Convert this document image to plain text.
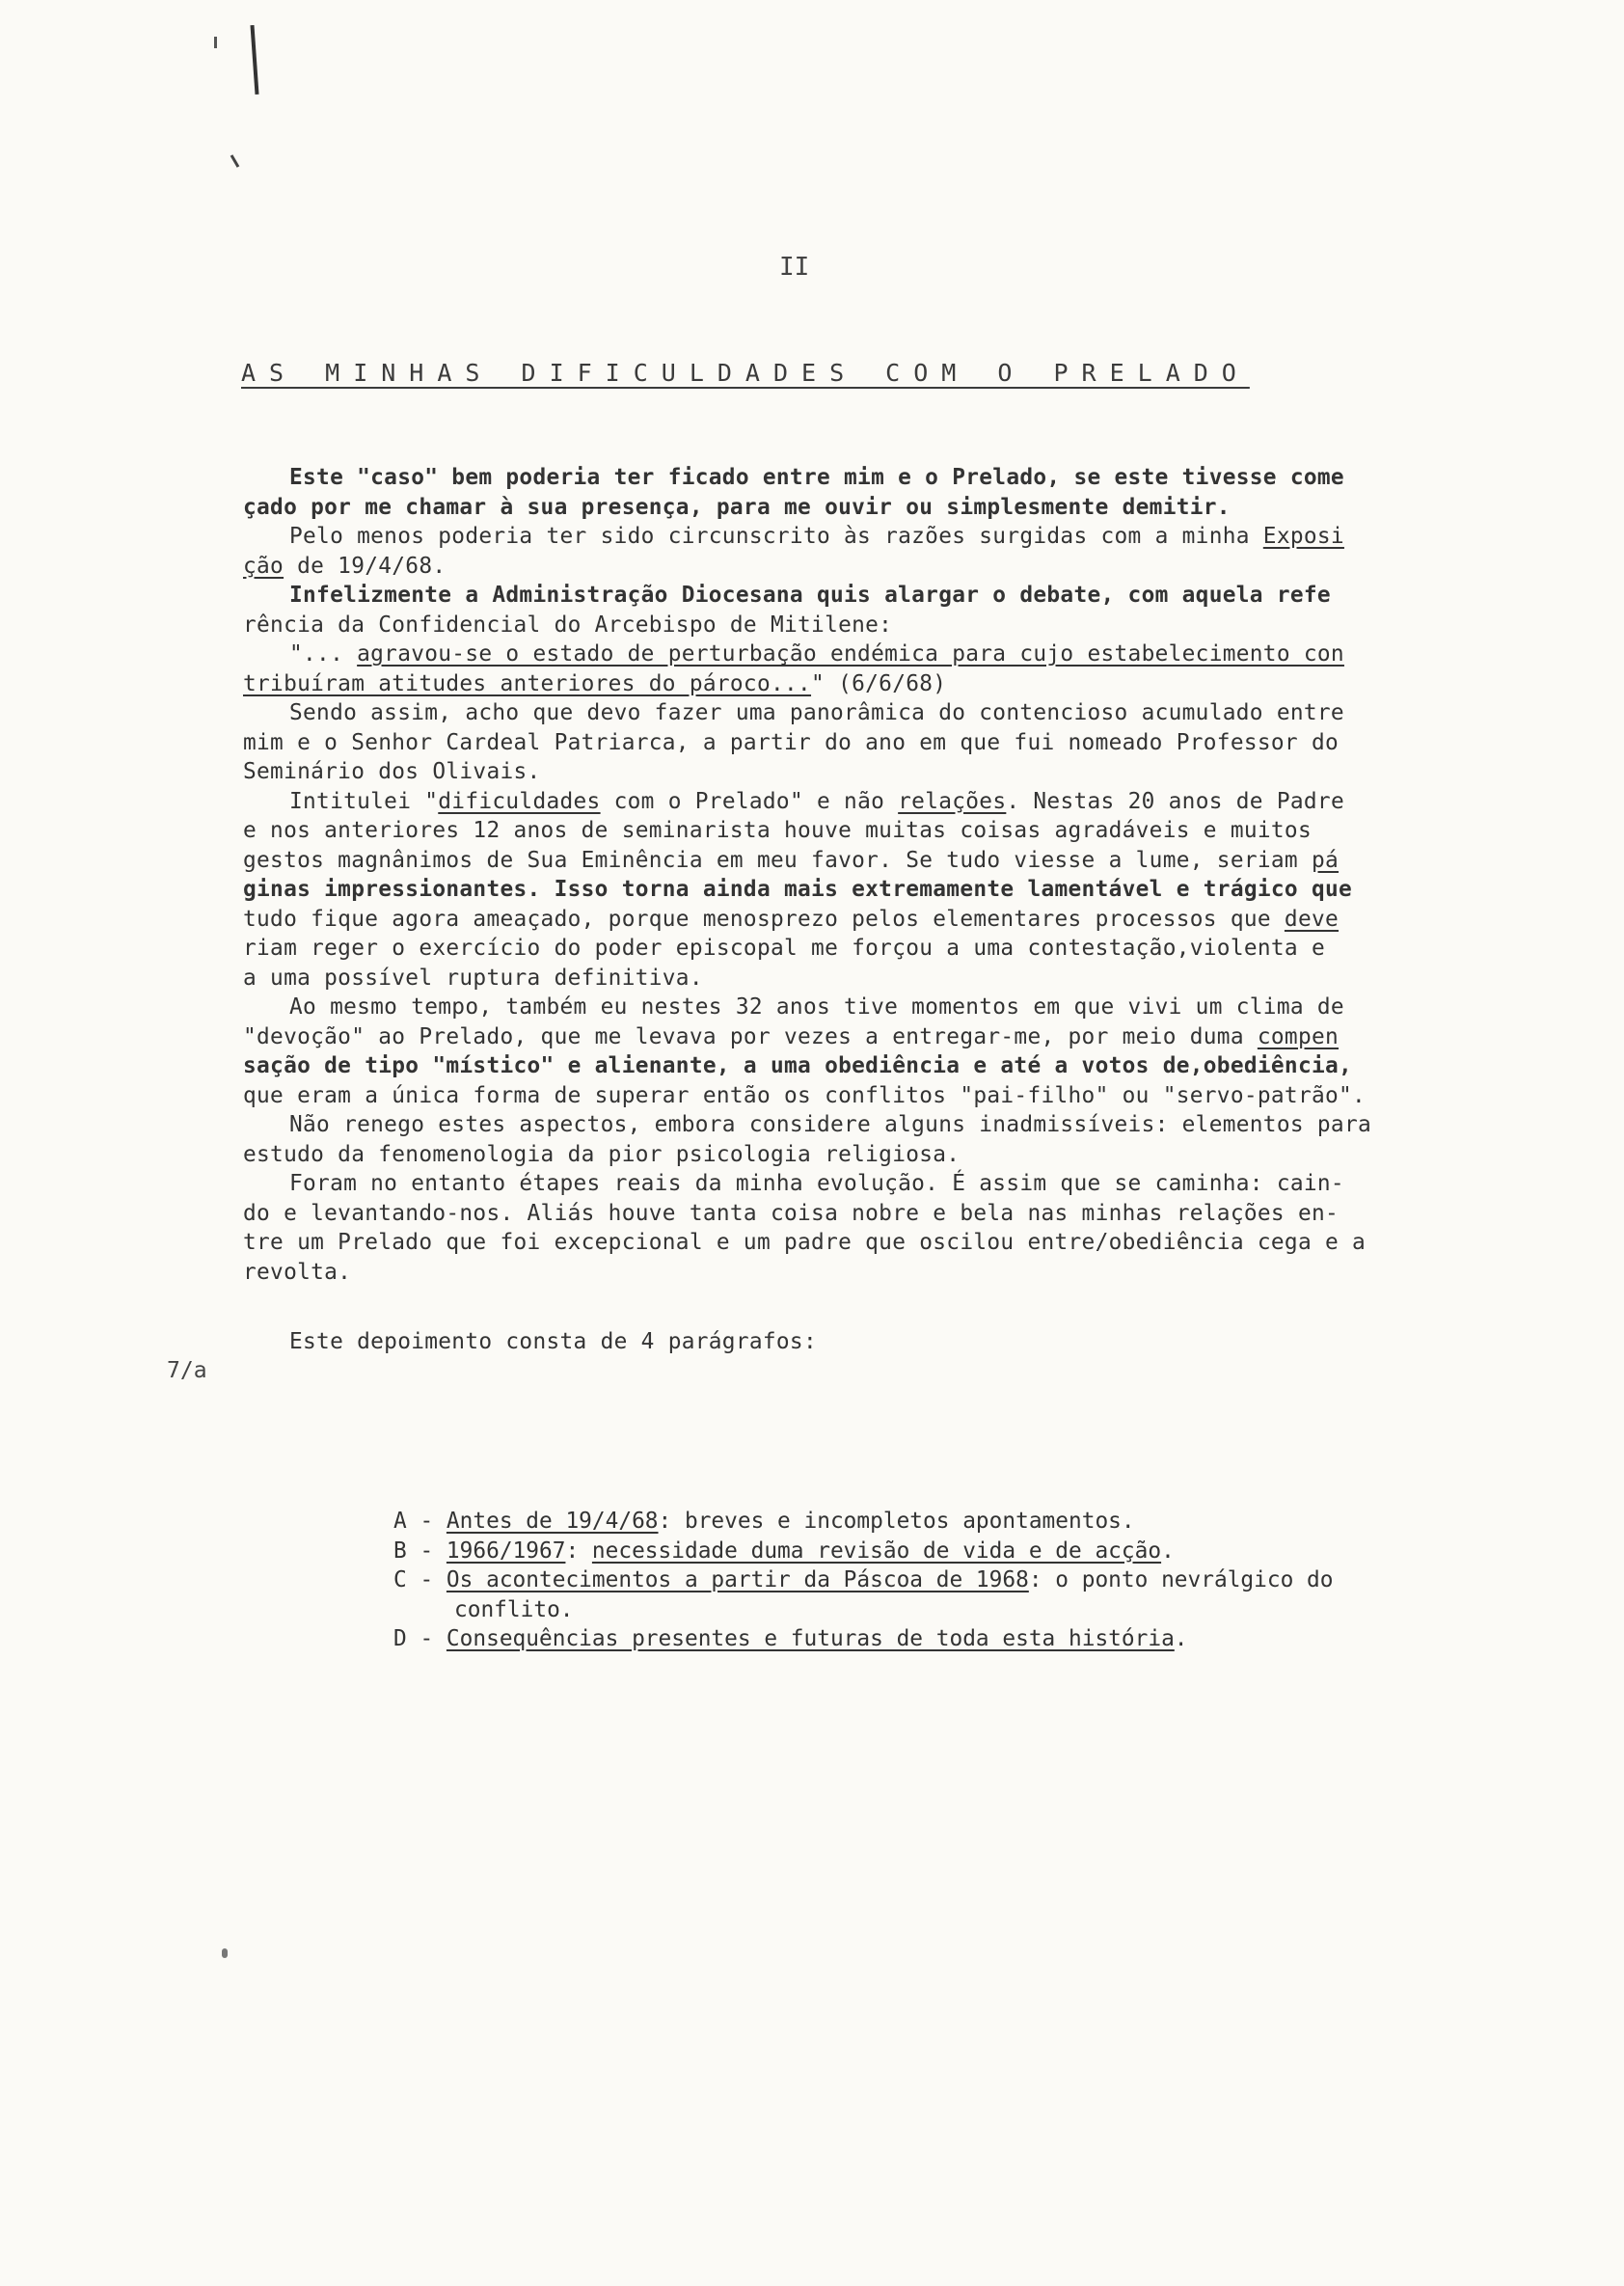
II
AS MINHAS DIFICULDADES COM O PRELADO
Este "caso" bem poderia ter ficado entre mim e o Prelado, se este tivesse come
çado por me chamar à sua presença, para me ouvir ou simplesmente demitir.
Pelo menos poderia ter sido circunscrito às razões surgidas com a minha Exposi
ção de 19/4/68.
Infelizmente a Administração Diocesana quis alargar o debate, com aquela refe
rência da Confidencial do Arcebispo de Mitilene:
"... agravou-se o estado de perturbação endémica para cujo estabelecimento con
tribuíram atitudes anteriores do pároco..." (6/6/68)
Sendo assim, acho que devo fazer uma panorâmica do contencioso acumulado entre
mim e o Senhor Cardeal Patriarca, a partir do ano em que fui nomeado Professor do
Seminário dos Olivais.
Intitulei "dificuldades com o Prelado" e não relações. Nestas 20 anos de Padre
e nos anteriores 12 anos de seminarista houve muitas coisas agradáveis e muitos
gestos magnânimos de Sua Eminência em meu favor. Se tudo viesse a lume, seriam pá
ginas impressionantes. Isso torna ainda mais extremamente lamentável e trágico que
tudo fique agora ameaçado, porque menosprezo pelos elementares processos que deve
riam reger o exercício do poder episcopal me forçou a uma contestação,violenta e
a uma possível ruptura definitiva.
Ao mesmo tempo, também eu nestes 32 anos tive momentos em que vivi um clima de
"devoção" ao Prelado, que me levava por vezes a entregar-me, por meio duma compen
sação de tipo "místico" e alienante, a uma obediência e até a votos de,obediência,
que eram a única forma de superar então os conflitos "pai-filho" ou "servo-patrão".
Não renego estes aspectos, embora considere alguns inadmissíveis: elementos para
estudo da fenomenologia da pior psicologia religiosa.
Foram no entanto étapes reais da minha evolução. É assim que se caminha: cain-
do e levantando-nos. Aliás houve tanta coisa nobre e bela nas minhas relações en-
tre um Prelado que foi excepcional e um padre que oscilou entre/obediência cega e a
revolta.
Este depoimento consta de 4 parágrafos:
7/a
A - Antes de 19/4/68: breves e incompletos apontamentos.
B - 1966/1967: necessidade duma revisão de vida e de acção.
C - Os acontecimentos a partir da Páscoa de 1968: o ponto nevrálgico do
conflito.
D - Consequências presentes e futuras de toda esta história.
